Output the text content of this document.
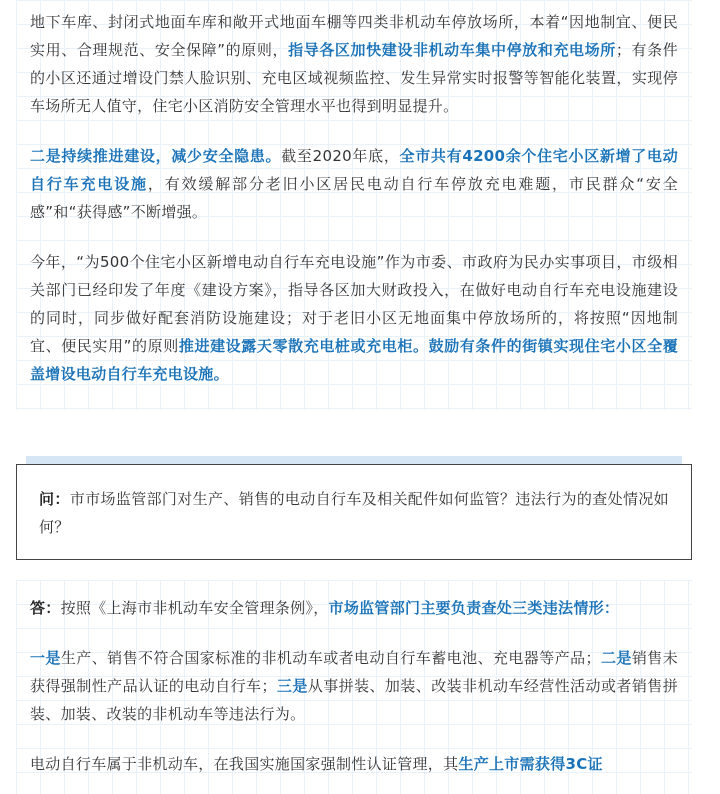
地下车库、封闭式地面车库和敞开式地面车棚等四类非机动车停放场所，本着“因地制宜、便民实用、合理规范、安全保障”的原则，指导各区加快建设非机动车集中停放和充电场所；有条件的小区还通过增设门禁人脸识别、充电区域视频监控、发生异常实时报警等智能化装置，实现停车场所无人值守，住宅小区消防安全管理水平也得到明显提升。

二是持续推进建设，减少安全隐患。截至2020年底，全市共有4200余个住宅小区新增了电动自行车充电设施，有效缓解部分老旧小区居民电动自行车停放充电难题，市民群众“安全感”和“获得感”不断增强。

今年，“为500个住宅小区新增电动自行车充电设施”作为市委、市政府为民办实事项目，市级相关部门已经印发了年度《建设方案》，指导各区加大财政投入，在做好电动自行车充电设施建设的同时，同步做好配套消防设施建设；对于老旧小区无地面集中停放场所的，将按照“因地制宜、便民实用”的原则推进建设露天零散充电桩或充电柜。鼓励有条件的街镇实现住宅小区全覆盖增设电动自行车充电设施。

问：市市场监管部门对生产、销售的电动自行车及相关配件如何监管？违法行为的查处情况如何？

答：按照《上海市非机动车安全管理条例》，市场监管部门主要负责查处三类违法情形：

一是生产、销售不符合国家标准的非机动车或者电动自行车蓄电池、充电器等产品；二是销售未获得强制性产品认证的电动自行车；三是从事拼装、加装、改装非机动车经营性活动或者销售拼装、加装、改装的非机动车等违法行为。

电动自行车属于非机动车，在我国实施国家强制性认证管理，其生产上市需获得3C证
